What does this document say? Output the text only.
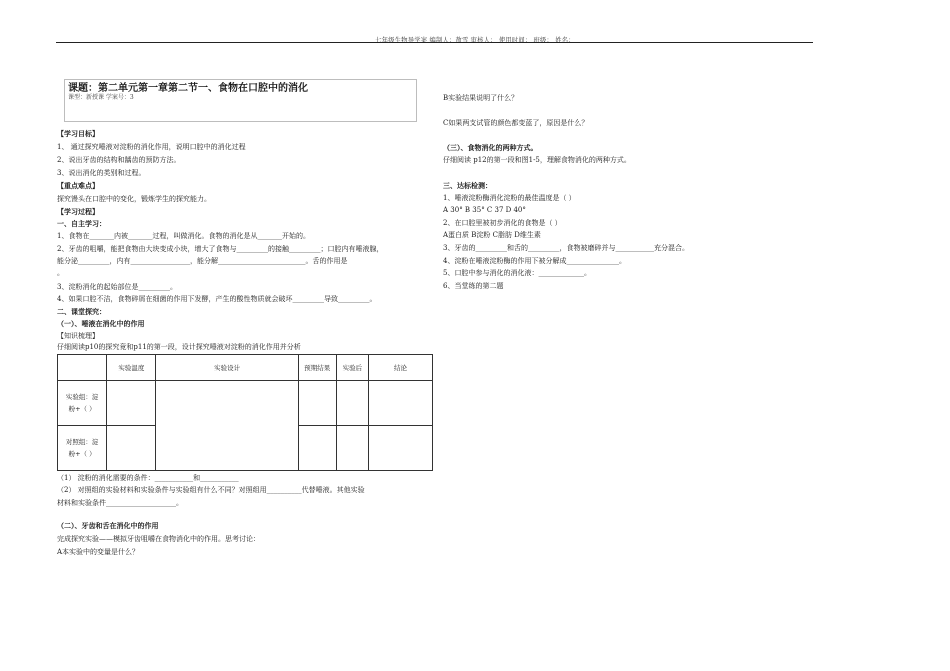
七年级生物导学案 编制人：敖雪 审核人： 使用时间： 班级： 姓名：
课题：第二单元第一章第二节一、食物在口腔中的消化
课型：新授课 学案号：3
【学习目标】
1、 通过探究唾液对淀粉的消化作用，说明口腔中的消化过程
2、说出牙齿的结构和龋齿的预防方法。
3、说出消化的类别和过程。
【重点难点】
探究馒头在口腔中的变化，锻炼学生的探究能力。
【学习过程】
一、自主学习：
1、食物在_______内被_______过程，叫做消化。食物的消化是从_______开始的。
2、牙齿的咀嚼，能把食物由大块变成小块，增大了食物与_________的接触_________；口腔内有唾液腺，
能分泌_________，内有_________________，能分解_________________________。舌的作用是
。
3、淀粉消化的起始部位是_________。
4、如果口腔不洁，食物碎屑在细菌的作用下发酵，产生的酸性物质就会破坏_________导致_________。
二、课堂探究：
（一）、唾液在消化中的作用
【知识梳理】
仔细阅读p10的探究竟和p11的第一段，设计探究唾液对淀粉的消化作用并分析
	实验温度	实验设计	预期结果	实验后	结论
实验组：淀粉+（ ）					
对照组：淀 粉+（ ）					
（1） 淀粉的消化需要的条件：___________和___________
（2） 对照组的实验材料和实验条件与实验组有什么不同？对照组用__________代替唾液。其他实验
材料和实验条件____________________。
（二）、牙齿和舌在消化中的作用
完成探究实验——模拟牙齿咀嚼在食物消化中的作用。思考讨论：
A本实验中的变量是什么？
B实验结果说明了什么？
C如果两支试管的颜色都变蓝了，原因是什么？
（三）、食物消化的两种方式。
仔细阅读 p12的第一段和图1-5，理解食物消化的两种方式。
三、达标检测：
1、唾液淀粉酶消化淀粉的最佳温度是（ ）
A 30° B 35° C 37 D 40°
2、在口腔里被初步消化的食物是（ ）
A蛋白质 B淀粉 C脂肪 D维生素
3、牙齿的_________和舌的_________，食物被磨碎并与___________充分混合。
4、淀粉在唾液淀粉酶的作用下被分解成_______________。
5、口腔中参与消化的消化液：_____________。
6、当堂练的第二题
